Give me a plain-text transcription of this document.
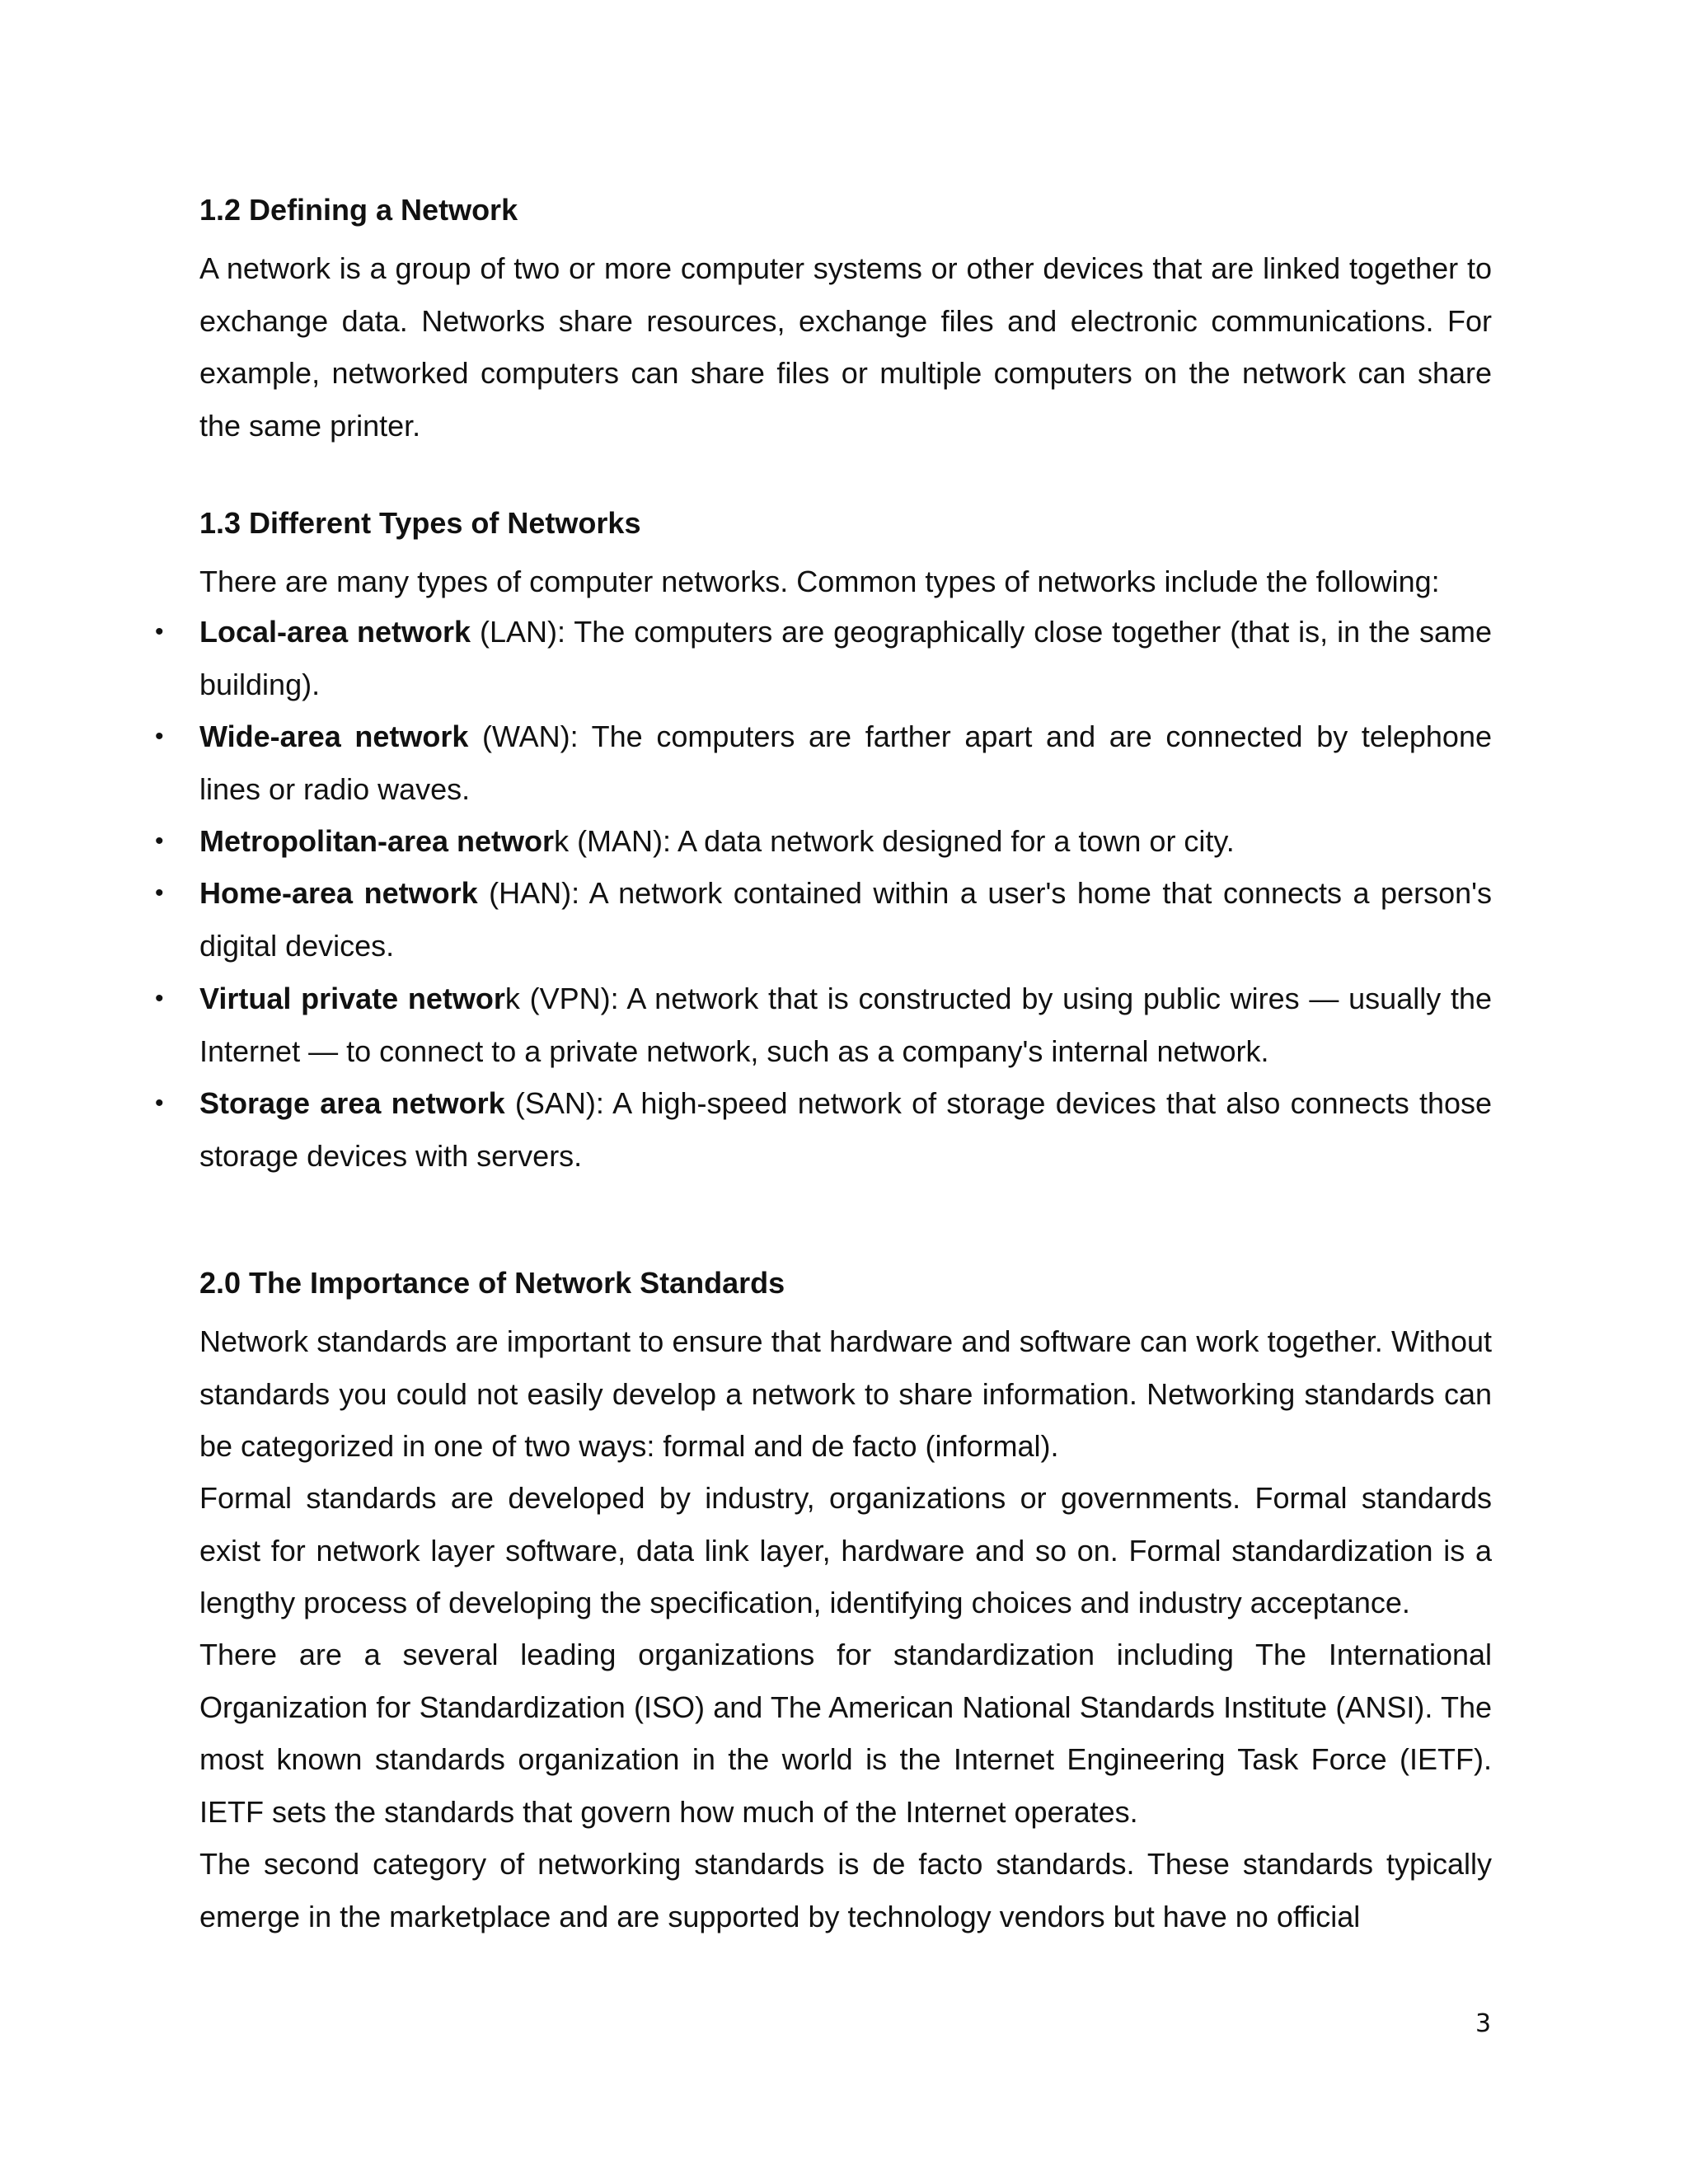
1.2 Defining a Network

A network is a group of two or more computer systems or other devices that are linked together to exchange data. Networks share resources, exchange files and electronic communications. For example, networked computers can share files or multiple computers on the network can share the same printer.

1.3 Different Types of Networks

There are many types of computer networks. Common types of networks include the following:

• Local-area network (LAN): The computers are geographically close together (that is, in the same building).
• Wide-area network (WAN): The computers are farther apart and are connected by telephone lines or radio waves.
• Metropolitan-area network (MAN): A data network designed for a town or city.
• Home-area network (HAN): A network contained within a user's home that connects a person's digital devices.
• Virtual private network (VPN): A network that is constructed by using public wires — usually the Internet — to connect to a private network, such as a company's internal network.
• Storage area network (SAN): A high-speed network of storage devices that also connects those storage devices with servers.
2.0 The Importance of Network Standards

Network standards are important to ensure that hardware and software can work together. Without standards you could not easily develop a network to share information. Networking standards can be categorized in one of two ways: formal and de facto (informal).

Formal standards are developed by industry, organizations or governments. Formal standards exist for network layer software, data link layer, hardware and so on. Formal standardization is a lengthy process of developing the specification, identifying choices and industry acceptance.

There are a several leading organizations for standardization including The International Organization for Standardization (ISO) and The American National Standards Institute (ANSI). The most known standards organization in the world is the Internet Engineering Task Force (IETF). IETF sets the standards that govern how much of the Internet operates.

The second category of networking standards is de facto standards. These standards typically emerge in the marketplace and are supported by technology vendors but have no official

3
